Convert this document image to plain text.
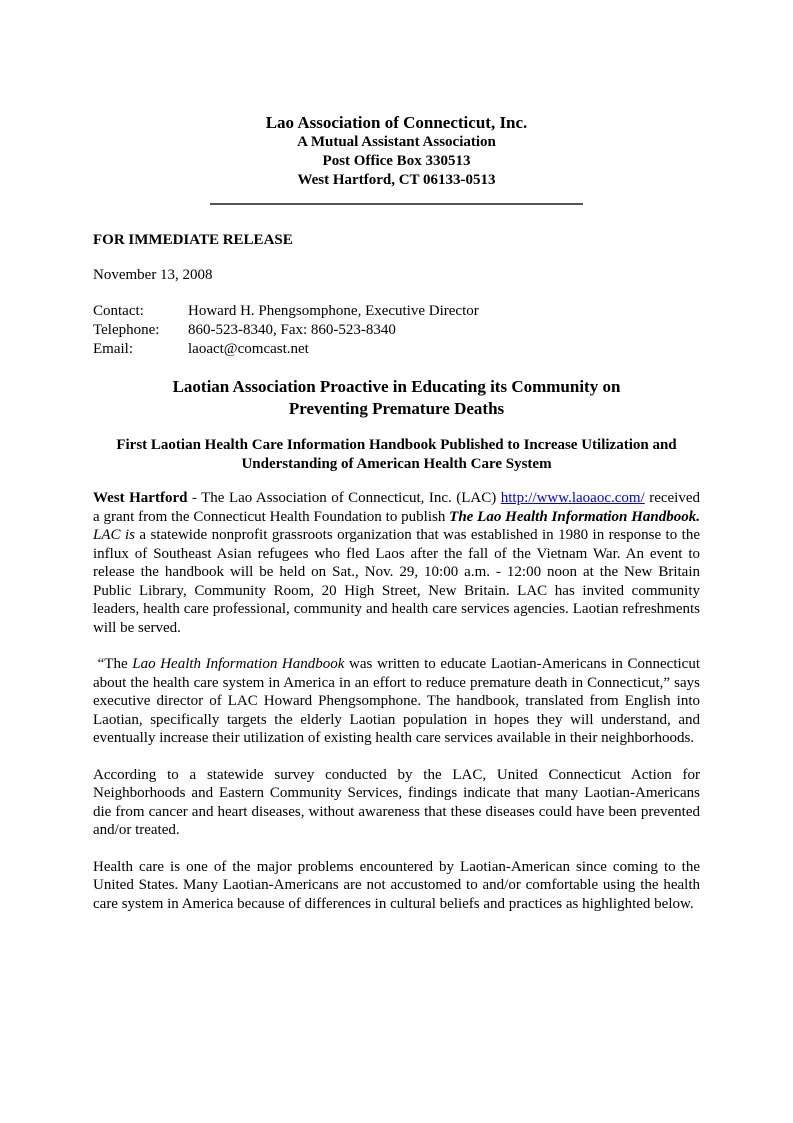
Lao Association of Connecticut, Inc.
A Mutual Assistant Association
Post Office Box 330513
West Hartford, CT 06133-0513
FOR IMMEDIATE RELEASE
November 13, 2008
Contact:	Howard H. Phengsomphone, Executive Director
Telephone:	860-523-8340, Fax: 860-523-8340
Email:	laoact@comcast.net
Laotian Association Proactive in Educating its Community on
Preventing Premature Deaths
First Laotian Health Care Information Handbook Published to Increase Utilization and
Understanding of American Health Care System

West Hartford - The Lao Association of Connecticut, Inc. (LAC) http://www.laoaoc.com/ received a grant from the Connecticut Health Foundation to publish The Lao Health Information Handbook. LAC is a statewide nonprofit grassroots organization that was established in 1980 in response to the influx of Southeast Asian refugees who fled Laos after the fall of the Vietnam War. An event to release the handbook will be held on Sat., Nov. 29, 10:00 a.m. - 12:00 noon at the New Britain Public Library, Community Room, 20 High Street, New Britain. LAC has invited community leaders, health care professional, community and health care services agencies. Laotian refreshments will be served.

“The Lao Health Information Handbook was written to educate Laotian-Americans in Connecticut about the health care system in America in an effort to reduce premature death in Connecticut,” says executive director of LAC Howard Phengsomphone. The handbook, translated from English into Laotian, specifically targets the elderly Laotian population in hopes they will understand, and eventually increase their utilization of existing health care services available in their neighborhoods.

According to a statewide survey conducted by the LAC, United Connecticut Action for Neighborhoods and Eastern Community Services, findings indicate that many Laotian-Americans die from cancer and heart diseases, without awareness that these diseases could have been prevented and/or treated.

Health care is one of the major problems encountered by Laotian-American since coming to the United States. Many Laotian-Americans are not accustomed to and/or comfortable using the health care system in America because of differences in cultural beliefs and practices as highlighted below.
